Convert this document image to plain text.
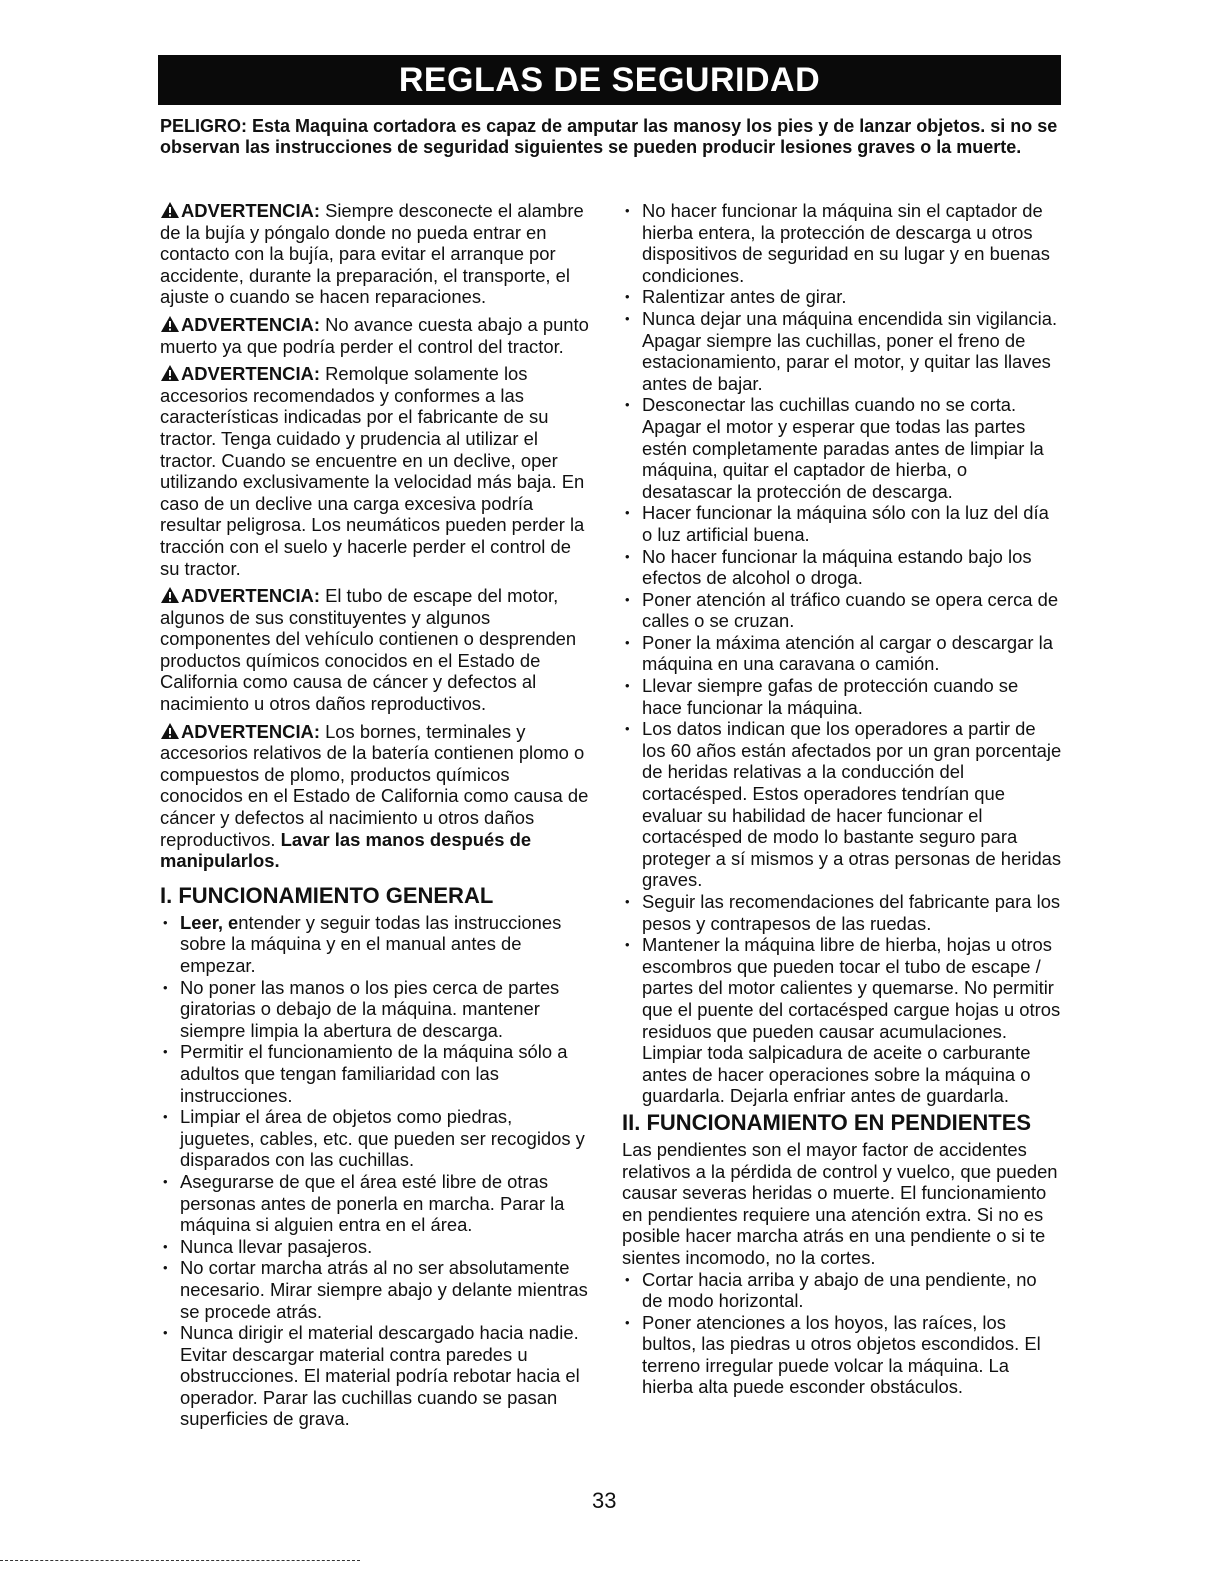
REGLAS DE SEGURIDAD
PELIGRO: Esta Maquina cortadora es capaz de amputar las manosy los pies y de lanzar objetos. si no se observan las instrucciones de seguridad siguientes se pueden producir lesiones graves o la muerte.

ADVERTENCIA: Siempre desconecte el alambre de la bujía y póngalo donde no pueda entrar en contacto con la bujía, para evitar el arranque por accidente, durante la preparación, el transporte, el ajuste o cuando se hacen reparaciones.

ADVERTENCIA: No avance cuesta abajo a punto muerto ya que podría perder el control del tractor.

ADVERTENCIA: Remolque solamente los accesorios recomendados y conformes a las características indicadas por el fabricante de su tractor. Tenga cuidado y prudencia al utilizar el tractor. Cuando se encuentre en un declive, oper utilizando exclusivamente la velocidad más baja. En caso de un declive una carga excesiva podría resultar peligrosa. Los neumáticos pueden perder la tracción con el suelo y hacerle perder el control de su tractor.

ADVERTENCIA: El tubo de escape del motor, algunos de sus constituyentes y algunos componentes del vehículo contienen o desprenden productos químicos conocidos en el Estado de California como causa de cáncer y defectos al nacimiento u otros daños reproductivos.

ADVERTENCIA: Los bornes, terminales y accesorios relativos de la batería contienen plomo o compuestos de plomo, productos químicos conocidos en el Estado de California como causa de cáncer y defectos al nacimiento u otros daños reproductivos. Lavar las manos después de manipularlos.

I. FUNCIONAMIENTO GENERAL
• Leer, entender y seguir todas las instrucciones sobre la máquina y en el manual antes de empezar.
• No poner las manos o los pies cerca de partes giratorias o debajo de la máquina. mantener siempre limpia la abertura de descarga.
• Permitir el funcionamiento de la máquina sólo a adultos que tengan familiaridad con las instrucciones.
• Limpiar el área de objetos como piedras, juguetes, cables, etc. que pueden ser recogidos y disparados con las cuchillas.
• Asegurarse de que el área esté libre de otras personas antes de ponerla en marcha. Parar la máquina si alguien entra en el área.
• Nunca llevar pasajeros.
• No cortar marcha atrás al no ser absolutamente necesario. Mirar siempre abajo y delante mientras se procede atrás.
• Nunca dirigir el material descargado hacia nadie. Evitar descargar material contra paredes u obstrucciones. El material podría rebotar hacia el operador. Parar las cuchillas cuando se pasan superficies de grava.
• No hacer funcionar la máquina sin el captador de hierba entera, la protección de descarga u otros dispositivos de seguridad en su lugar y en buenas condiciones.
• Ralentizar antes de girar.
• Nunca dejar una máquina encendida sin vigilancia. Apagar siempre las cuchillas, poner el freno de estacionamiento, parar el motor, y quitar las llaves antes de bajar.
• Desconectar las cuchillas cuando no se corta. Apagar el motor y esperar que todas las partes estén completamente paradas antes de limpiar la máquina, quitar el captador de hierba, o desatascar la protección de descarga.
• Hacer funcionar la máquina sólo con la luz del día o luz artificial buena.
• No hacer funcionar la máquina estando bajo los efectos de alcohol o droga.
• Poner atención al tráfico cuando se opera cerca de calles o se cruzan.
• Poner la máxima atención al cargar o descargar la máquina en una caravana o camión.
• Llevar siempre gafas de protección cuando se hace funcionar la máquina.
• Los datos indican que los operadores a partir de los 60 años están afectados por un gran porcentaje de heridas relativas a la conducción del cortacésped. Estos operadores tendrían que evaluar su habilidad de hacer funcionar el cortacésped de modo lo bastante seguro para proteger a sí mismos y a otras personas de heridas graves.
• Seguir las recomendaciones del fabricante para los pesos y contrapesos de las ruedas.
• Mantener la máquina libre de hierba, hojas u otros escombros que pueden tocar el tubo de escape / partes del motor calientes y quemarse. No permitir que el puente del cortacésped cargue hojas u otros residuos que pueden causar acumulaciones. Limpiar toda salpicadura de aceite o carburante antes de hacer operaciones sobre la máquina o guardarla. Dejarla enfriar antes de guardarla.
II. FUNCIONAMIENTO EN PENDIENTES

Las pendientes son el mayor factor de accidentes relativos a la pérdida de control y vuelco, que pueden causar severas heridas o muerte. El funcionamiento en pendientes requiere una atención extra. Si no es posible hacer marcha atrás en una pendiente o si te sientes incomodo, no la cortes.

• Cortar hacia arriba y abajo de una pendiente, no de modo horizontal.
• Poner atenciones a los hoyos, las raíces, los bultos, las piedras u otros objetos escondidos. El terreno irregular puede volcar la máquina. La hierba alta puede esconder obstáculos.
33
